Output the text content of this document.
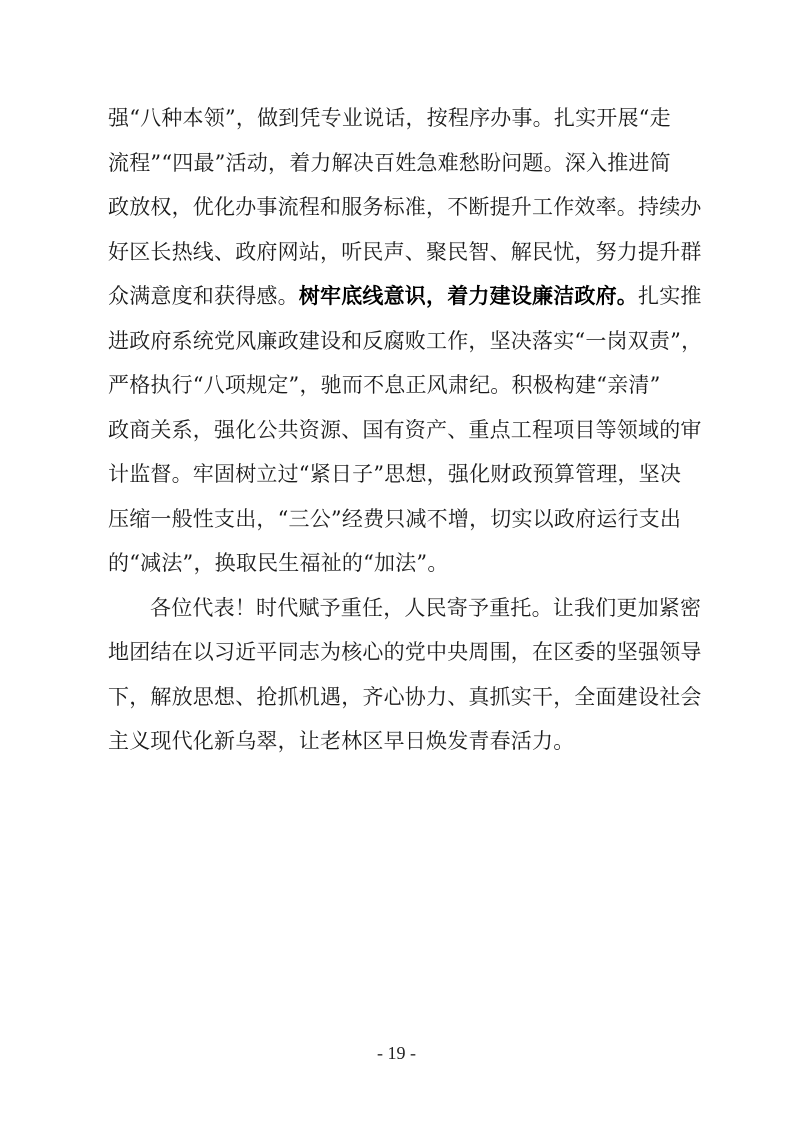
强“八种本领”，做到凭专业说话，按程序办事。扎实开展“走
流程”“四最”活动，着力解决百姓急难愁盼问题。深入推进简
政放权，优化办事流程和服务标准，不断提升工作效率。持续办
好区长热线、政府网站，听民声、聚民智、解民忧，努力提升群
众满意度和获得感。树牢底线意识，着力建设廉洁政府。扎实推
进政府系统党风廉政建设和反腐败工作，坚决落实“一岗双责”，
严格执行“八项规定”，驰而不息正风肃纪。积极构建“亲清”
政商关系，强化公共资源、国有资产、重点工程项目等领域的审
计监督。牢固树立过“紧日子”思想，强化财政预算管理，坚决
压缩一般性支出，“三公”经费只减不增，切实以政府运行支出
的“减法”，换取民生福祉的“加法”。
各位代表！时代赋予重任，人民寄予重托。让我们更加紧密
地团结在以习近平同志为核心的党中央周围，在区委的坚强领导
下，解放思想、抢抓机遇，齐心协力、真抓实干，全面建设社会
主义现代化新乌翠，让老林区早日焕发青春活力。
- 19 -
